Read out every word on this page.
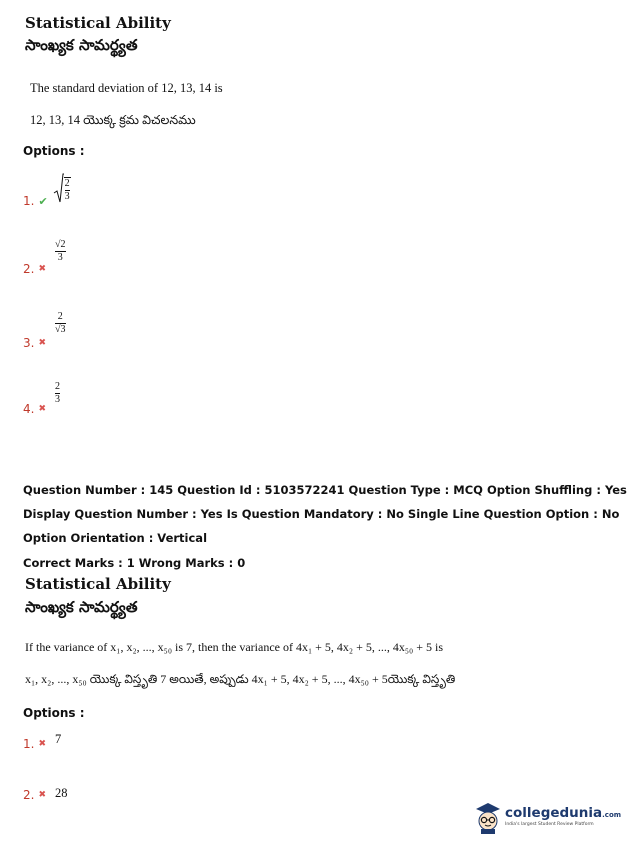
Statistical Ability
సాంఖ్యక సామర్థ్యత
The standard deviation of 12, 13, 14 is
12, 13, 14 యొక్క క్రమ విచలనము
Options :
1. ✔ $\frac{2}{3}$
2. ✖
$\frac{√2}{3}$
3. ✖
$\frac{2}{√3}$
4. ✖
$\frac{2}{3}$
Question Number : 145 Question Id : 5103572241 Question Type : MCQ Option Shuffling : Yes
Display Question Number : Yes Is Question Mandatory : No Single Line Question Option : No
Option Orientation : Vertical
Correct Marks : 1 Wrong Marks : 0
Statistical Ability
సాంఖ్యక సామర్థ్యత
If the variance of x₁, x₂, ..., x₅₀ is 7, then the variance of 4x₁ + 5, 4x₂ + 5, ..., 4x₅₀ + 5 is
x₁, x₂, ..., x₅₀ యొక్క విస్తృతి 7 అయితే, అప్పుడు 4x₁ + 5, 4x₂ + 5, ..., 4x₅₀ + 5యొక్క విస్తృతి
Options :
1. ✖ 7
2. ✖ 28
collegedunia.com
India's largest Student Review Platform
